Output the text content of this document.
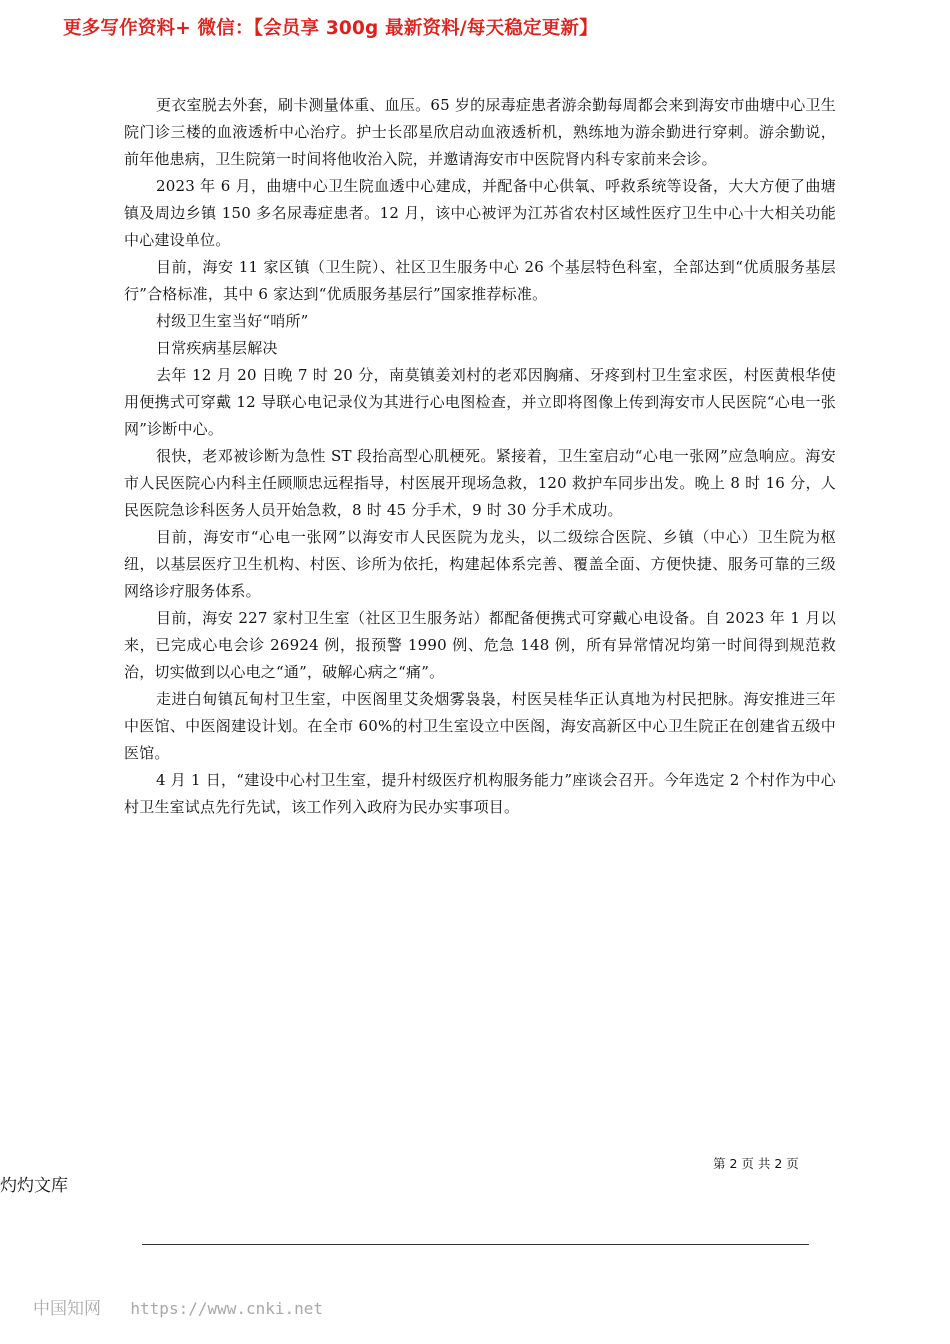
更多写作资料+ 微信：【会员享 300g 最新资料/每天稳定更新】

更衣室脱去外套，刷卡测量体重、血压。65 岁的尿毒症患者游余勤每周都会来到海安市曲塘中心卫生院门诊三楼的血液透析中心治疗。护士长邵星欣启动血液透析机，熟练地为游余勤进行穿刺。游余勤说，前年他患病，卫生院第一时间将他收治入院，并邀请海安市中医院肾内科专家前来会诊。

2023 年 6 月，曲塘中心卫生院血透中心建成，并配备中心供氧、呼救系统等设备，大大方便了曲塘镇及周边乡镇 150 多名尿毒症患者。12 月，该中心被评为江苏省农村区域性医疗卫生中心十大相关功能中心建设单位。

目前，海安 11 家区镇（卫生院）、社区卫生服务中心 26 个基层特色科室，全部达到“优质服务基层行”合格标准，其中 6 家达到“优质服务基层行”国家推荐标准。

村级卫生室当好“哨所”

日常疾病基层解决

去年 12 月 20 日晚 7 时 20 分，南莫镇姜刘村的老邓因胸痛、牙疼到村卫生室求医，村医黄根华使用便携式可穿戴 12 导联心电记录仪为其进行心电图检查，并立即将图像上传到海安市人民医院“心电一张网”诊断中心。

很快，老邓被诊断为急性 ST 段抬高型心肌梗死。紧接着，卫生室启动“心电一张网”应急响应。海安市人民医院心内科主任顾顺忠远程指导，村医展开现场急救，120 救护车同步出发。晚上 8 时 16 分，人民医院急诊科医务人员开始急救，8 时 45 分手术，9 时 30 分手术成功。

目前，海安市“心电一张网”以海安市人民医院为龙头，以二级综合医院、乡镇（中心）卫生院为枢纽，以基层医疗卫生机构、村医、诊所为依托，构建起体系完善、覆盖全面、方便快捷、服务可靠的三级网络诊疗服务体系。

目前，海安 227 家村卫生室（社区卫生服务站）都配备便携式可穿戴心电设备。自 2023 年 1 月以来，已完成心电会诊 26924 例，报预警 1990 例、危急 148 例，所有异常情况均第一时间得到规范救治，切实做到以心电之“通”，破解心病之“痛”。

走进白甸镇瓦甸村卫生室，中医阁里艾灸烟雾袅袅，村医吴桂华正认真地为村民把脉。海安推进三年中医馆、中医阁建设计划。在全市 60%的村卫生室设立中医阁，海安高新区中心卫生院正在创建省五级中医馆。

4 月 1 日，“建设中心村卫生室，提升村级医疗机构服务能力”座谈会召开。今年选定 2 个村作为中心村卫生室试点先行先试，该工作列入政府为民办实事项目。

第 2 页 共 2 页
灼灼文库
中国知网 https://www.cnki.net
